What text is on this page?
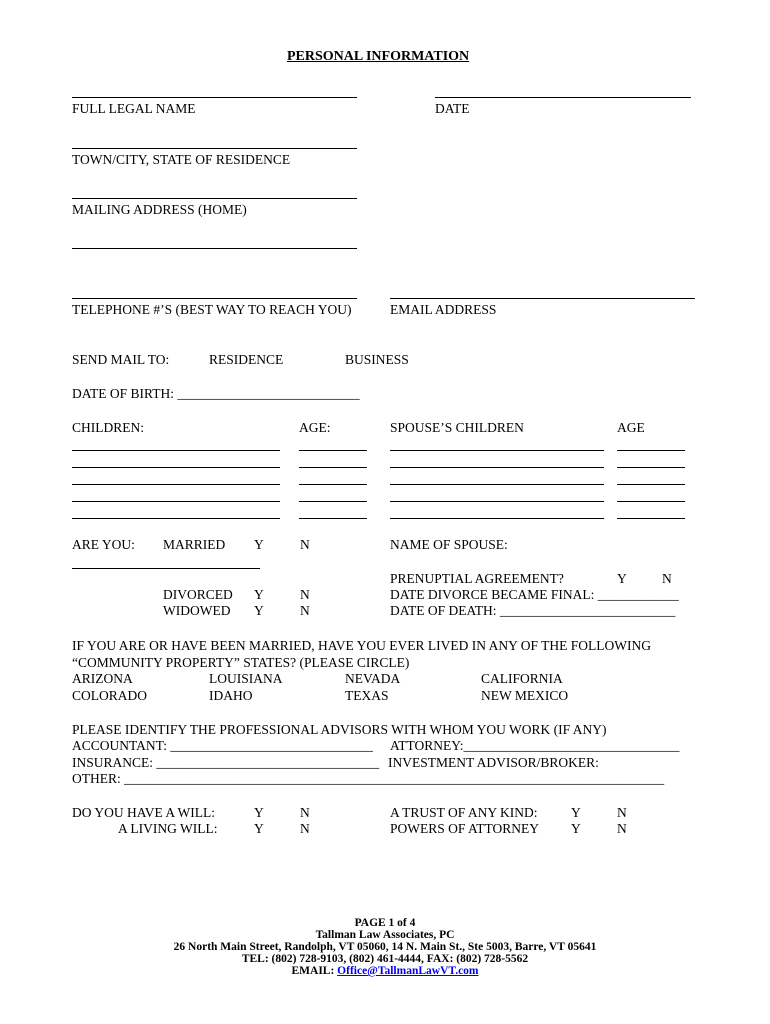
PERSONAL INFORMATION
FULL LEGAL NAME	DATE
TOWN/CITY, STATE OF RESIDENCE
MAILING ADDRESS (HOME)
TELEPHONE #’S (BEST WAY TO REACH YOU)	EMAIL ADDRESS
SEND MAIL TO:	RESIDENCE	BUSINESS
DATE OF BIRTH: ___________________________
CHILDREN:	AGE:	SPOUSE’S CHILDREN	AGE
ARE YOU: MARRIED Y	N	NAME OF SPOUSE:
PRENUPTIAL AGREEMENT?	Y	N
DIVORCED Y	N	DATE DIVORCE BECAME FINAL: ____________
WIDOWED Y	N	DATE OF DEATH: __________________________
IF YOU ARE OR HAVE BEEN MARRIED, HAVE YOU EVER LIVED IN ANY OF THE FOLLOWING
“COMMUNITY PROPERTY” STATES? (PLEASE CIRCLE)
ARIZONA	LOUISIANA	NEVADA	CALIFORNIA
COLORADO	IDAHO	TEXAS	NEW MEXICO
PLEASE IDENTIFY THE PROFESSIONAL ADVISORS WITH WHOM YOU WORK (IF ANY)
ACCOUNTANT: ______________________________ ATTORNEY:________________________________
INSURANCE: _________________________________ INVESTMENT ADVISOR/BROKER:
OTHER: ________________________________________________________________________________
DO YOU HAVE A WILL:	Y	N	A TRUST OF ANY KIND: Y	N
A LIVING WILL:	Y	N	POWERS OF ATTORNEY Y	N
PAGE 1 of 4
Tallman Law Associates, PC
26 North Main Street, Randolph, VT 05060, 14 N. Main St., Ste 5003, Barre, VT 05641
TEL: (802) 728-9103, (802) 461-4444, FAX: (802) 728-5562
EMAIL: Office@TallmanLawVT.com
